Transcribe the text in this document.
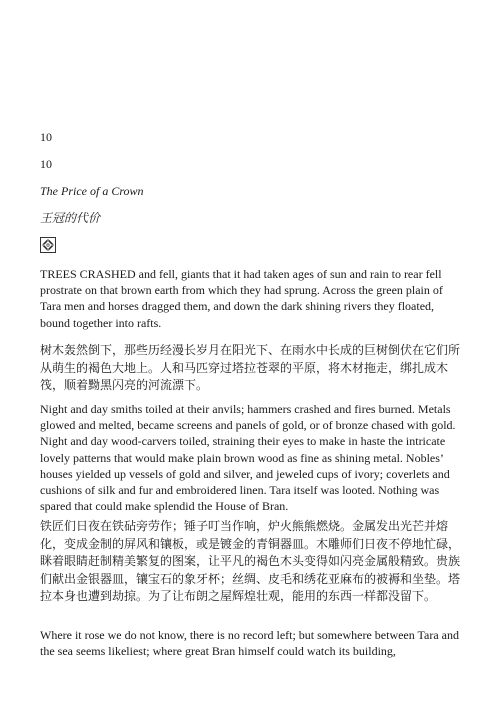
10
10
The Price of a Crown
王冠的代价

TREES CRASHED and fell, giants that it had taken ages of sun and rain to rear fell prostrate on that brown earth from which they had sprung. Across the green plain of Tara men and horses dragged them, and down the dark shining rivers they floated, bound together into rafts.

树木轰然倒下，那些历经漫长岁月在阳光下、在雨水中长成的巨树倒伏在它们所从萌生的褐色大地上。人和马匹穿过塔拉苍翠的平原，将木材拖走，绑扎成木筏，顺着黝黑闪亮的河流漂下。

Night and day smiths toiled at their anvils; hammers crashed and fires burned. Metals glowed and melted, became screens and panels of gold, or of bronze chased with gold. Night and day wood-carvers toiled, straining their eyes to make in haste the intricate lovely patterns that would make plain brown wood as fine as shining metal. Nobles’ houses yielded up vessels of gold and silver, and jeweled cups of ivory; coverlets and cushions of silk and fur and embroidered linen. Tara itself was looted. Nothing was spared that could make splendid the House of Bran.

铁匠们日夜在铁砧旁劳作；锤子叮当作响，炉火熊熊燃烧。金属发出光芒并熔化，变成金制的屏风和镶板，或是镀金的青铜器皿。木雕师们日夜不停地忙碌，眯着眼睛赶制精美繁复的图案，让平凡的褐色木头变得如闪亮金属般精致。贵族们献出金银器皿，镶宝石的象牙杯；丝绸、皮毛和绣花亚麻布的被褥和坐垫。塔拉本身也遭到劫掠。为了让布朗之屋辉煌壮观，能用的东西一样都没留下。

Where it rose we do not know, there is no record left; but somewhere between Tara and the sea seems likeliest; where great Bran himself could watch its building,
